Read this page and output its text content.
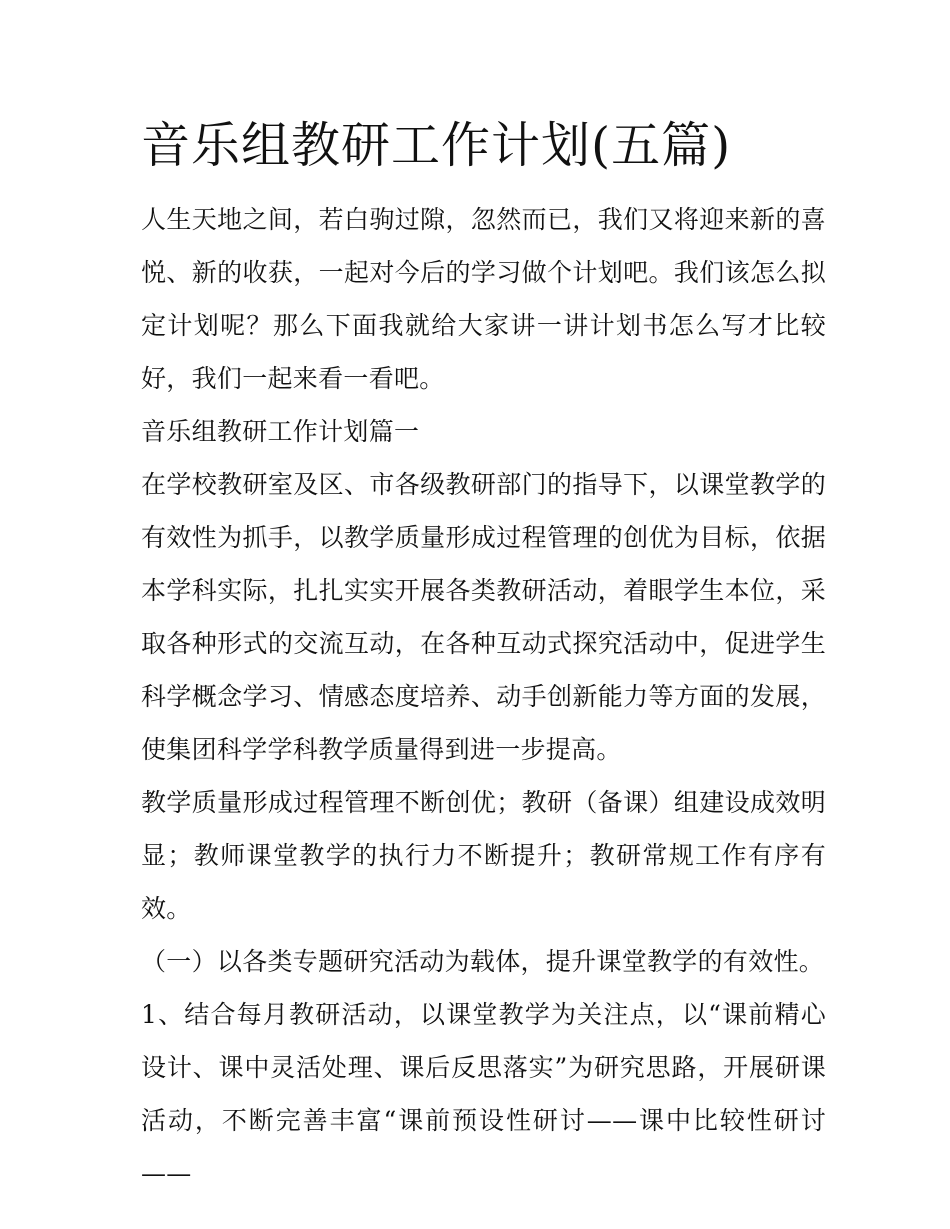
音乐组教研工作计划(五篇)

人生天地之间，若白驹过隙，忽然而已，我们又将迎来新的喜悦、新的收获，一起对今后的学习做个计划吧。我们该怎么拟定计划呢？那么下面我就给大家讲一讲计划书怎么写才比较好，我们一起来看一看吧。

音乐组教研工作计划篇一

在学校教研室及区、市各级教研部门的指导下，以课堂教学的有效性为抓手，以教学质量形成过程管理的创优为目标，依据本学科实际，扎扎实实开展各类教研活动，着眼学生本位，采取各种形式的交流互动，在各种互动式探究活动中，促进学生科学概念学习、情感态度培养、动手创新能力等方面的发展，使集团科学学科教学质量得到进一步提高。

教学质量形成过程管理不断创优；教研（备课）组建设成效明显；教师课堂教学的执行力不断提升；教研常规工作有序有效。

（一）以各类专题研究活动为载体，提升课堂教学的有效性。

1、结合每月教研活动，以课堂教学为关注点，以“课前精心设计、课中灵活处理、课后反思落实”为研究思路，开展研课活动，不断完善丰富“课前预设性研讨——课中比较性研讨——
